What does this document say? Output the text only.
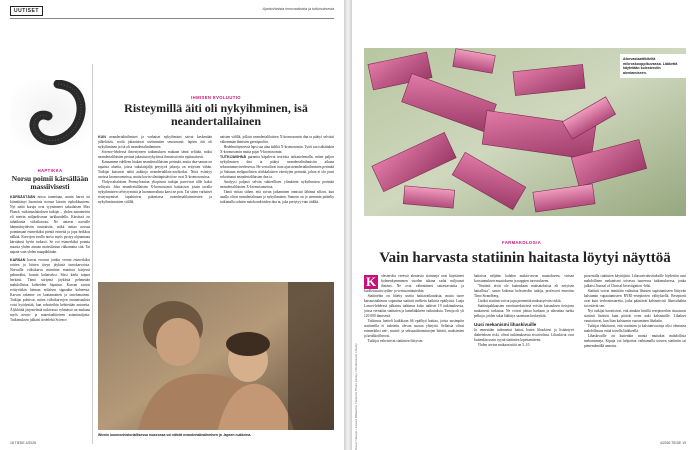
UUTISET	Ajankohtaista innovaatioista ja tutkimuksesta
HAPTIKKA
Norsu poimii kärsällään massiivisesti

KÄRSÄSTÄÄN norsu tunnetaan, mutta harva on kiinnittänyt huomiota norsun kärsän vipkokkuuteen. Nyt näitä koruja ovat syynänneet saksalaisen Max Planck -tutkimuslaitoksen tutkijat – yhden nanometrin eli metrin miljardisosan tarkkuudella. Kärsässä on tuhatkunta viiksikarvaa. Ne antavat norsulle hämmästyttävän tuntoaistin, mikä auttaa norsua poimimaan esimerkiksi pieniä esineitä ja jopa heikkoa nälkää. Karvojen avulla norsu myös pystyy ohjaamaan kärsäänsä hyvin tarkasti. Se voi esimerkiksi poimia maasta yhden ainoan maissilastun rikkomatta sitä. Tai napata vain yhden maapähkinän.

KARSAN karvat eroavat jonkin verran esimerkiksi rottien ja hiirten tävyn jäykistä tuntokarvoista. Norsuilla viiksikarva mimittän muottuu kärjessä pehmeäksi, kumin kaltaiseksi. Siksi kärki taipuu herkästi. Tämä siirtymä jäykästä pehmeään mahdollistaa kohteiden hipaisun. Karvan sauvat erittyvätkin hieman erilaisen signaalin kohteesta. Karvan rakenne on laattamainen ja ontelomainen. Tutkijat pohtivat, miten viiksikarvojen ominaisuuksia voisi hyödyntää, kun robotteihin kehitetään antureita. Älykkäitä järjestelmiä tutkivassa ryhmässä on mukana myös neuro- ja materiaalitieteen asiantuntijoita. Tutkimuksen julkaisi tiedelehti Science.

IHMISEN EVOLUUTIO
Risteymillä äiti oli nykyihminen, isä neandertalilainen

KUN neandertalinihmiset ja varhaiset nykyihmiset saivat keskenään jälkeläisiä, roolit jakautuivat useimmiten seuraavasti: lapsen äiti oli nykyihminen ja isä oli neandertalinihminen.

 Science-lehdessä ilmestyneen tutkimuksen mukaan tämä selittää, miksi neandertalilaisten perimä jakautuu nykyisissä ihmisissä niin epätasaisesti.

 Kannamme edelleen hiukan neandertalilaisten perimää, mutta dna-saman on tapaisia alueita, joissa sukulaisjäljä perytyvä jaksoja on erityisen vähän. Tutkijat kutsuvat näitä aukkoja neandertalilais-aavikoiksi. Niitä esiintyy useissa kromosomeissa, mutta kovin silmiinpistäviä ne ovat X-kromosomissa.

 Yhdysvaltalaisen Pennsylvanian yliopiston tutkijat purevivat tälle kaksi selitystä. Joko neandertalilaisten X-kromosomit haittasivat jotain tavalla nykyihmisten selviytymistä ja luonnonvalinta karsi ne pois. Tai sitten varhaiset risteymymiset tapahtuivat pääasiassa neandertalilaismiesten ja nykyihmisnaisten välillä.

naisten välillä, jolloin neandertalilaisten X-kromosomin dna ta päätyi selvästi vähemmän ihmisten geenipooliin.

 Hedelmöityneessä lapsi saa aina äidiltä X-kromosomin. Tytöt saa isältäänkin X-kromosomin mutta pojat Y-kromosomin.

TUTKIJAVIHNÄ purnnita käpalevia teorioita tarkastelemalla, miten paljon nykyihmisen dna ta päätyi neandertalinihmisiin aikana seksuntumoviseelesessa. He vertailivat tuon ajan neandertalinihmisten perimää ja Saharan eteläpuolisten afrikkalaisten värettyjen perimää, johon ei ole juuri sekoittunut neandertalilaisten dna ta.

 Analyysi paljasti selvän suhteellisen ylimäärän nykyihmisen perimää neandertalilaisten X-kromosomeissa.

 Tämä viittaa siihen, että suvun jatkaminen onnistui lähinnä silloin, kun analla olivat neandertalinaan ja nykyihminen. Samoin on jo aiemmin päätelty tutkimalla soluien mitokondrioiden dna ta, joka periytyy vain äidiltä.

Wienin luonnonhistoriallisessa museossa voi nähdä neandertalinaihmisen ja -lapsen nukkeina.
18 TIEDE 4/2026
Atorvastaattikiteitä mikroskooppikuvassa. Lääkettä käytetään kolesterolin alentamiseen.
Kuvat: Naturpl / Juniors Bildarchiv / Science Photo Library / Shutterstock / Alamy
FARMAKOLOGIA
Vain harvasta statiinin haitasta löytyi näyttöä

K	olesterolia veressä alentavia statiineja ovat käyttäneet kolmenkymmenen vuoden aikana sadat miljoonat ihmiset. Ne ovat vähentäneet sairastavuutta ja kuolleisuutta sydän- ja verisuonitauteihin.

 Statiinehin on liitetty useita haittavaikutuksia, mutta tuore katsaustutkimus vapauttaa statiinit melkein kaikista epäilyistä. Laaja Lancet-lehdessä julkaistu tutkimus koko tutkiset 19 tutkimuksesta, joissa verrattiin statiinien ja lumelääkkeen vaikutuksia. Tietoja oli yli 120 000 ihmisestä.

 Tutkimus luetteli kaikkiaan 66 epäiltyä haittaa, joista uusimpiin statiineilla ei todetettu olevan suoraa yhteyttä. Sellaisia olivat esimerkiksi uni-, muisti- ja seksuaalitoimintojen häiriöt, maksimien ja keuhkofibroosi.

 Tutkijat vahvistivat statiinien liittyvän

haitoista neljään: kahden maksa-arvon muutokseen, virtsan koostumuksen muutokseen ja nappien turvotukseen.

 "Statiinit eivät ole kuitenkaan maksatoksisia eli erityisen haitallisia", sanoo kokenut kolesterolin tutkija, professori emeritus Timo Strandberg.

 Lisäksi statiinit voivat jopa pienentää maksasyövän riskiä.

 Statiinipakkausten varoitusteksteissä voisiin katsauksen tietojoen mukaisesti tarkistaa. Ne voivat johtaa harhaan ja aiheuttaa turhia pelkoja, joiden takia lääkitys saatetaan keskeyttää.

Uusi mekanismi lihaskivuille

Jo ennestään todennetut haitat, kuten lihaskivut ja lisääntyvä diabeteksen riski, olivat tutkimuksessa sivuroolissa. Lihaskivut ovat kuitenkin usein syynä statiinien lopettamiseen.

 Yhden arvion mukaan niitä on 5–10

prosentilla statiinien käyttäjistä. Lihasvaivaluvituksille löydettiin uusi mahdollinen mekanismi toisessa tuoreessa tutkimuksessa, jonka julkaisi Journal of Clinical Investigation -lehti.

 Statiinit voivat nimittäin vaikuttaa lihasten supistumiseen liittyvän kalsiumin vapautumiseen RYR1-reseptorien välityksellä. Reseptorit ovat kuin verhomostareita, jotka päästävät kalsiumvirit lihassoluihin tai estävät sen.

 Nyt tutkijat havaitsivat, että ainakin hiirillä reseptoreihin istuutuvat statiinit lisäävät kuin pitävät oven auki kalsiumille. Lihakset vaurioituvat, kun liian kalsiumin vuotaminen lihaksiin.

 Tutkijat ehdottavat, että statiinien ja kalsiumvuotoja olisi olemassa mahdollisuus estää toisella lääkkeellä.

 Lihaskivuille on kuitenkin monia muitakin mahdollisia mekanismeja. Kipuja voi helpottaa vaihtamalla toiseen statiiniin tai pienentämällä annosta.

4/2026 TIEDE 19
